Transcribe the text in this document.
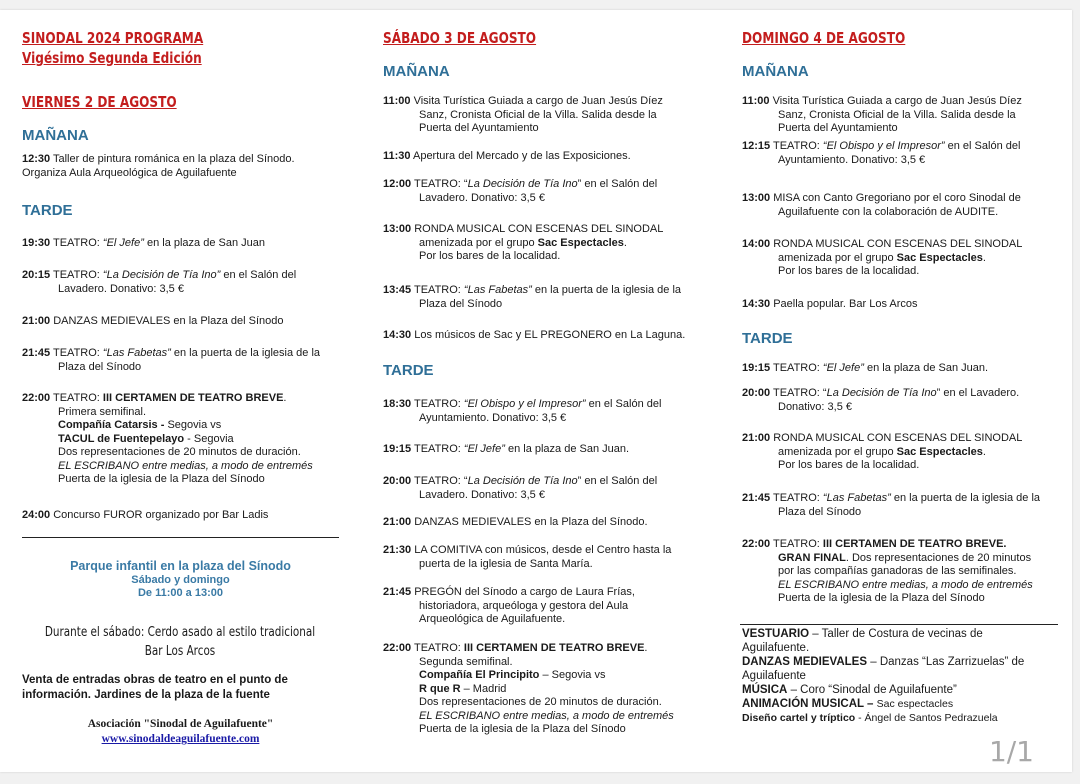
SINODAL 2024 PROGRAMA
Vigésimo Segunda Edición
VIERNES 2 DE AGOSTO
MAÑANA
12:30 Taller de pintura románica en la plaza del Sínodo.
Organiza Aula Arqueológica de Aguilafuente
TARDE
19:30 TEATRO: “El Jefe” en la plaza de San Juan
20:15 TEATRO: “La Decisión de Tía Ino” en el Salón del
Lavadero. Donativo: 3,5 €
21:00 DANZAS MEDIEVALES en la Plaza del Sínodo
21:45 TEATRO: “Las Fabetas” en la puerta de la iglesia de la
Plaza del Sínodo
22:00 TEATRO: III CERTAMEN DE TEATRO BREVE.
Primera semifinal.
Compañía Catarsis - Segovia vs
TACUL de Fuentepelayo - Segovia
Dos representaciones de 20 minutos de duración.
EL ESCRIBANO entre medias, a modo de entremés
Puerta de la iglesia de la Plaza del Sínodo
24:00 Concurso FUROR organizado por Bar Ladis
Parque infantil en la plaza del Sínodo
Sábado y domingo
De 11:00 a 13:00
Durante el sábado: Cerdo asado al estilo tradicional
Bar Los Arcos
Venta de entradas obras de teatro en el punto de
información. Jardines de la plaza de la fuente
Asociación "Sinodal de Aguilafuente"
www.sinodaldeaguilafuente.com
SÁBADO 3 DE AGOSTO
MAÑANA
11:00 Visita Turística Guiada a cargo de Juan Jesús Díez
Sanz, Cronista Oficial de la Villa. Salida desde la
Puerta del Ayuntamiento
11:30 Apertura del Mercado y de las Exposiciones.
12:00 TEATRO: “La Decisión de Tía Ino” en el Salón del
Lavadero. Donativo: 3,5 €
13:00 RONDA MUSICAL CON ESCENAS DEL SINODAL
amenizada por el grupo Sac Espectacles.
Por los bares de la localidad.
13:45 TEATRO: “Las Fabetas” en la puerta de la iglesia de la
Plaza del Sínodo
14:30 Los músicos de Sac y EL PREGONERO en La Laguna.
TARDE
18:30 TEATRO: “El Obispo y el Impresor” en el Salón del
Ayuntamiento. Donativo: 3,5 €
19:15 TEATRO: “El Jefe” en la plaza de San Juan.
20:00 TEATRO: “La Decisión de Tía Ino” en el Salón del
Lavadero. Donativo: 3,5 €
21:00 DANZAS MEDIEVALES en la Plaza del Sínodo.
21:30 LA COMITIVA con músicos, desde el Centro hasta la
puerta de la iglesia de Santa María.
21:45 PREGÓN del Sínodo a cargo de Laura Frías,
historiadora, arqueóloga y gestora del Aula
Arqueológica de Aguilafuente.
22:00 TEATRO: III CERTAMEN DE TEATRO BREVE.
Segunda semifinal.
Compañía El Principito – Segovia vs
R que R – Madrid
Dos representaciones de 20 minutos de duración.
EL ESCRIBANO entre medias, a modo de entremés
Puerta de la iglesia de la Plaza del Sínodo
DOMINGO 4 DE AGOSTO
MAÑANA
11:00 Visita Turística Guiada a cargo de Juan Jesús Díez
Sanz, Cronista Oficial de la Villa. Salida desde la
Puerta del Ayuntamiento
12:15 TEATRO: “El Obispo y el Impresor” en el Salón del
Ayuntamiento. Donativo: 3,5 €
13:00 MISA con Canto Gregoriano por el coro Sinodal de
Aguilafuente con la colaboración de AUDITE.
14:00 RONDA MUSICAL CON ESCENAS DEL SINODAL
amenizada por el grupo Sac Espectacles.
Por los bares de la localidad.
14:30 Paella popular. Bar Los Arcos
TARDE
19:15 TEATRO: “El Jefe” en la plaza de San Juan.
20:00 TEATRO: “La Decisión de Tía Ino” en el Lavadero.
Donativo: 3,5 €
21:00 RONDA MUSICAL CON ESCENAS DEL SINODAL
amenizada por el grupo Sac Espectacles.
Por los bares de la localidad.
21:45 TEATRO: “Las Fabetas” en la puerta de la iglesia de la
Plaza del Sínodo
22:00 TEATRO: III CERTAMEN DE TEATRO BREVE.
GRAN FINAL. Dos representaciones de 20 minutos
por las compañías ganadoras de las semifinales.
EL ESCRIBANO entre medias, a modo de entremés
Puerta de la iglesia de la Plaza del Sínodo
VESTUARIO – Taller de Costura de vecinas de
Aguilafuente.
DANZAS MEDIEVALES – Danzas “Las Zarrizuelas” de
Aguilafuente
MÚSICA – Coro “Sinodal de Aguilafuente”
ANIMACIÓN MUSICAL – Sac espectacles
Diseño cartel y tríptico - Ángel de Santos Pedrazuela
1/1
